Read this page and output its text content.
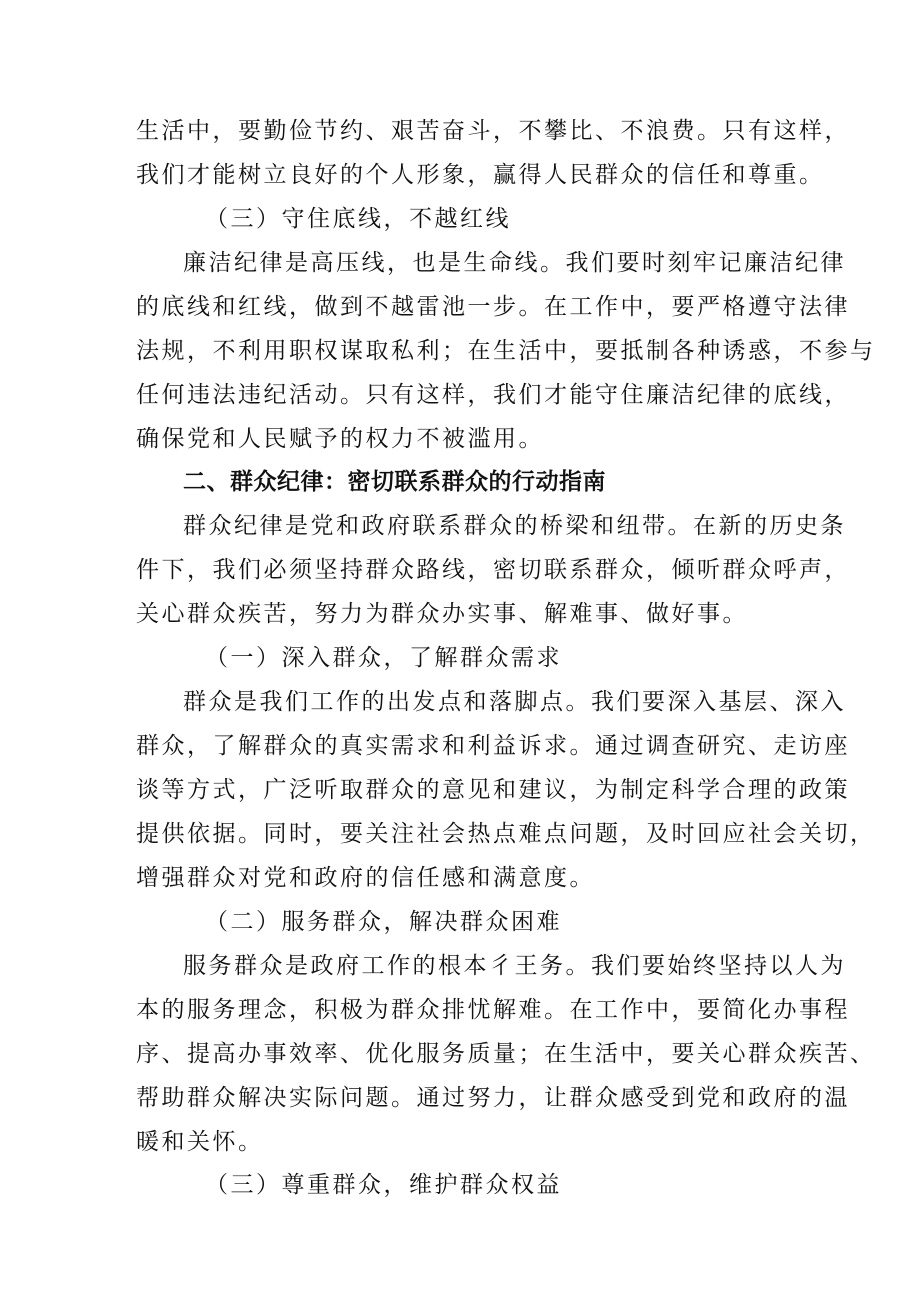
生活中，要勤俭节约、艰苦奋斗，不攀比、不浪费。只有这样，
我们才能树立良好的个人形象，赢得人民群众的信任和尊重。
（三）守住底线，不越红线
廉洁纪律是高压线，也是生命线。我们要时刻牢记廉洁纪律
的底线和红线，做到不越雷池一步。在工作中，要严格遵守法律
法规，不利用职权谋取私利；在生活中，要抵制各种诱惑，不参与
任何违法违纪活动。只有这样，我们才能守住廉洁纪律的底线，
确保党和人民赋予的权力不被滥用。
二、群众纪律：密切联系群众的行动指南
群众纪律是党和政府联系群众的桥梁和纽带。在新的历史条
件下，我们必须坚持群众路线，密切联系群众，倾听群众呼声，
关心群众疾苦，努力为群众办实事、解难事、做好事。
（一）深入群众，了解群众需求
群众是我们工作的出发点和落脚点。我们要深入基层、深入
群众，了解群众的真实需求和利益诉求。通过调查研究、走访座
谈等方式，广泛听取群众的意见和建议，为制定科学合理的政策
提供依据。同时，要关注社会热点难点问题，及时回应社会关切，
增强群众对党和政府的信任感和满意度。
（二）服务群众，解决群众困难
服务群众是政府工作的根本彳王务。我们要始终坚持以人为
本的服务理念，积极为群众排忧解难。在工作中，要简化办事程
序、提高办事效率、优化服务质量；在生活中，要关心群众疾苦、
帮助群众解决实际问题。通过努力，让群众感受到党和政府的温
暖和关怀。
（三）尊重群众，维护群众权益
